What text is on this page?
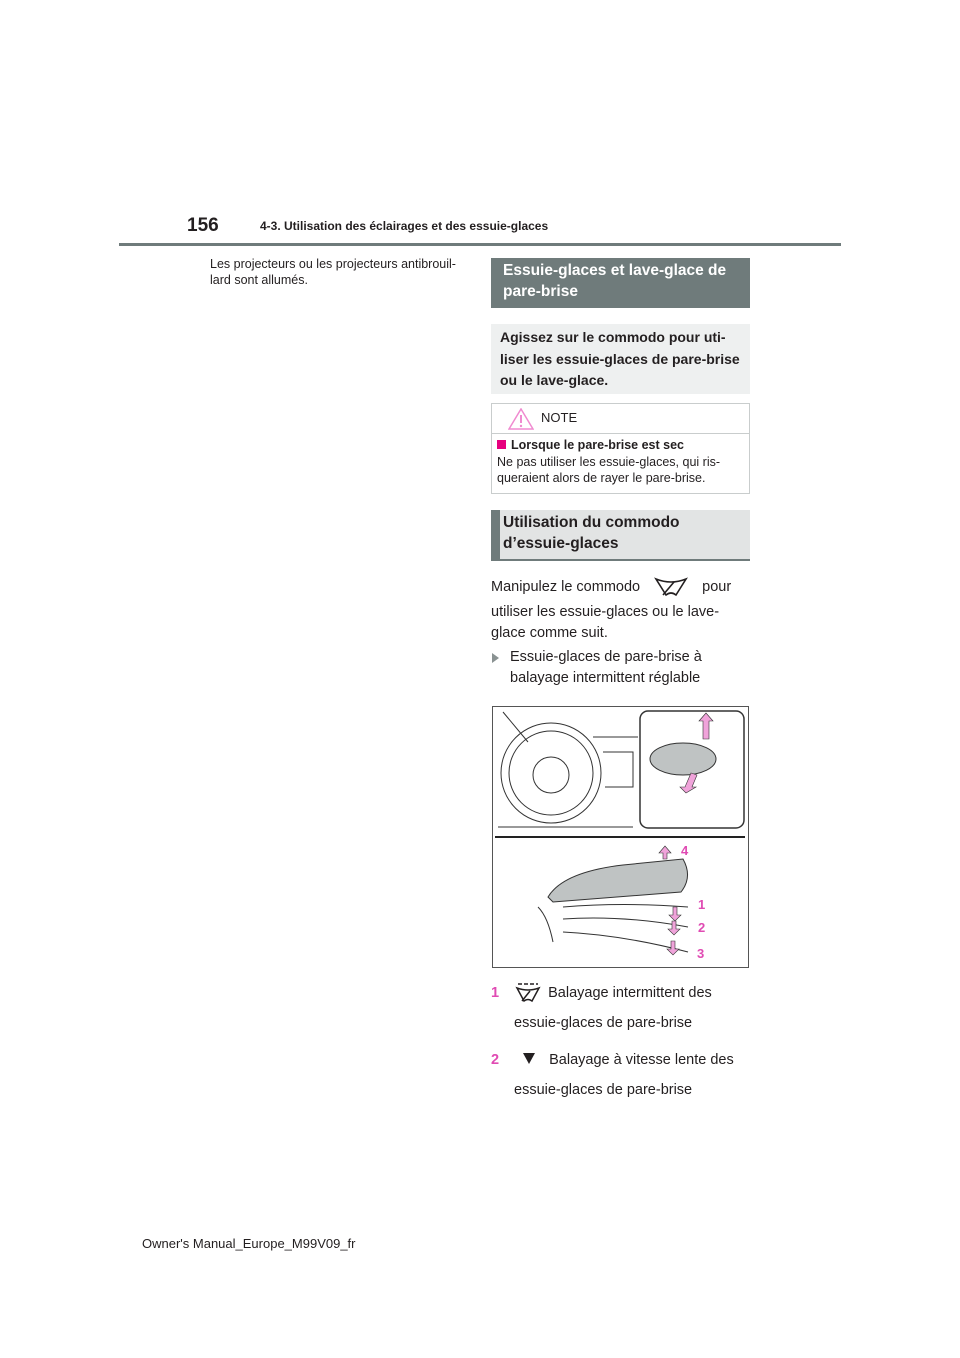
156	4-3. Utilisation des éclairages et des essuie-glaces
Les projecteurs ou les projecteurs antibrouil-lard sont allumés.
Essuie-glaces et lave-glace de pare-brise
Agissez sur le commodo pour uti-liser les essuie-glaces de pare-brise ou le lave-glace.
NOTE
Lorsque le pare-brise est sec
Ne pas utiliser les essuie-glaces, qui ris-queraient alors de rayer le pare-brise.
Utilisation du commodo d’essuie-glaces
Manipulez le commodo	pour
utiliser les essuie-glaces ou le lave-glace comme suit.
Essuie-glaces de pare-brise à balayage intermittent réglable
4
1
2
3
1	Balayage intermittent des
essuie-glaces de pare-brise
2	Balayage à vitesse lente des
essuie-glaces de pare-brise
Owner's Manual_Europe_M99V09_fr
